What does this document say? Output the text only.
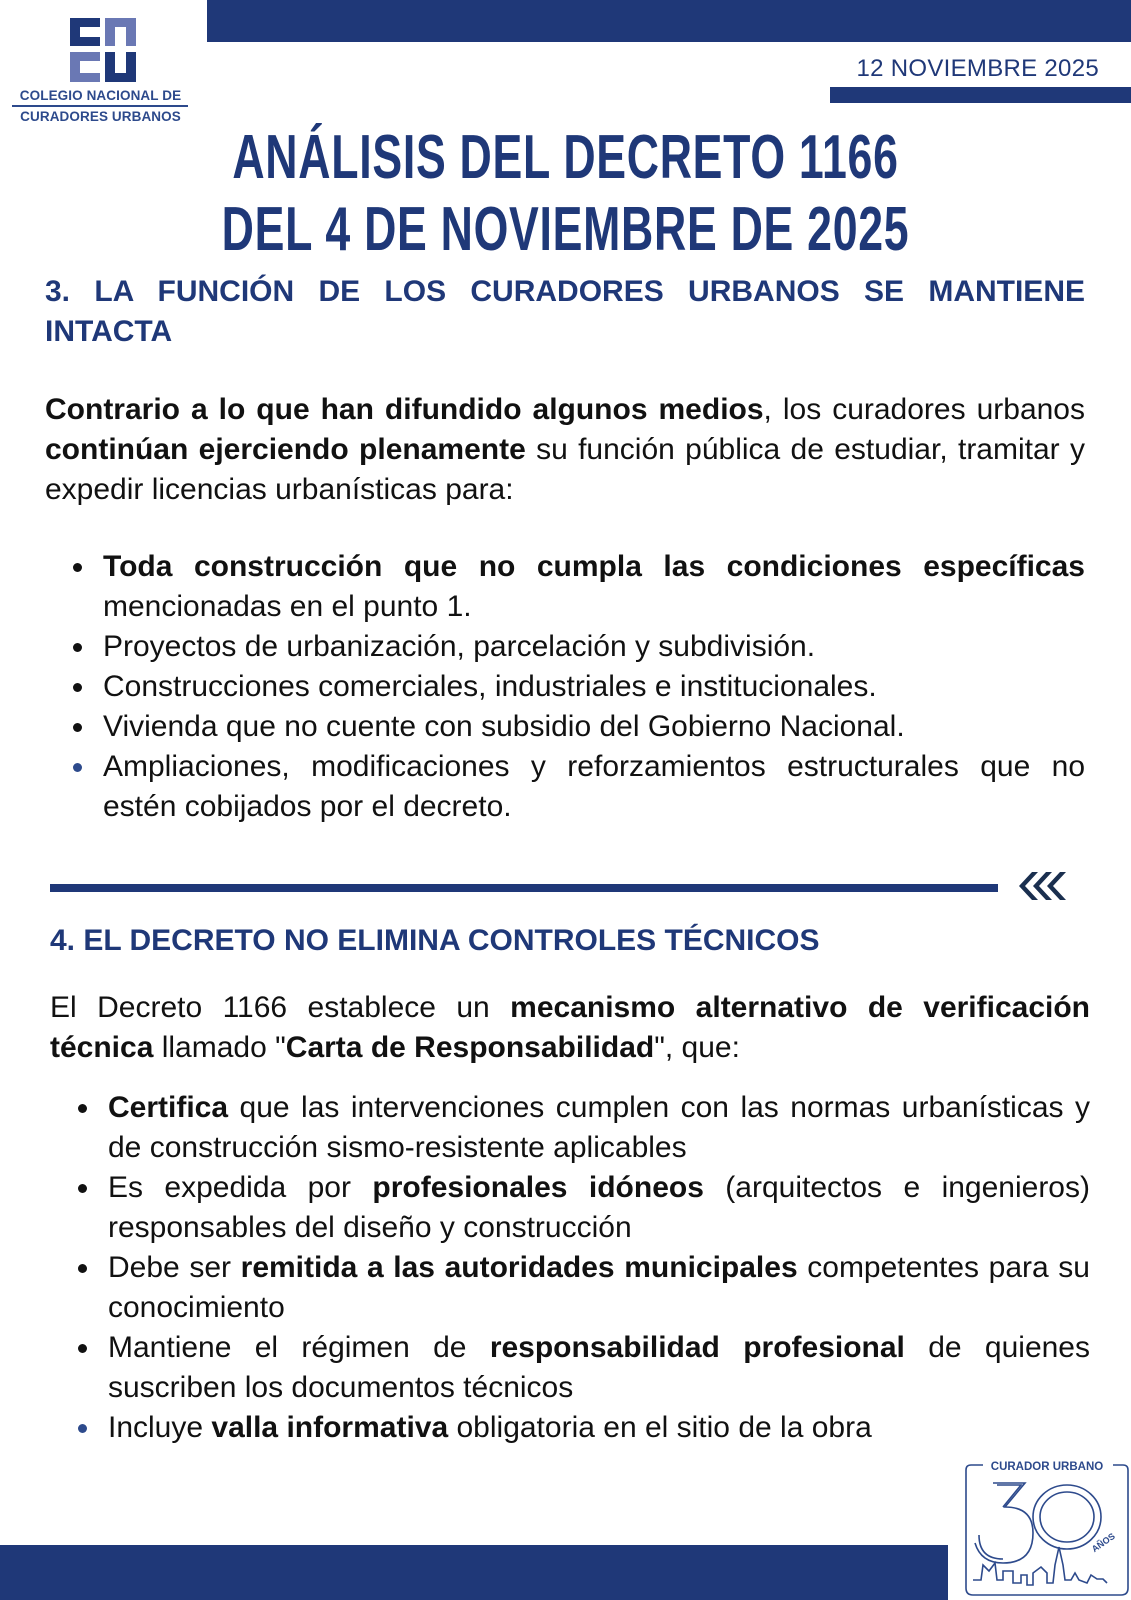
12 NOVIEMBRE 2025
COLEGIO NACIONAL DE
CURADORES URBANOS
ANÁLISIS DEL DECRETO 1166
DEL 4 DE NOVIEMBRE DE 2025
3. LA FUNCIÓN DE LOS CURADORES URBANOS SE MANTIENE INTACTA
Contrario a lo que han difundido algunos medios, los curadores urbanos continúan ejerciendo plenamente su función pública de estudiar, tramitar y expedir licencias urbanísticas para:
Toda construcción que no cumpla las condiciones específicas mencionadas en el punto 1.
Proyectos de urbanización, parcelación y subdivisión.
Construcciones comerciales, industriales e institucionales.
Vivienda que no cuente con subsidio del Gobierno Nacional.
Ampliaciones, modificaciones y reforzamientos estructurales que no estén cobijados por el decreto.
4. EL DECRETO NO ELIMINA CONTROLES TÉCNICOS
El Decreto 1166 establece un mecanismo alternativo de verificación técnica llamado "Carta de Responsabilidad", que:
Certifica que las intervenciones cumplen con las normas urbanísticas y de construcción sismo-resistente aplicables
Es expedida por profesionales idóneos (arquitectos e ingenieros) responsables del diseño y construcción
Debe ser remitida a las autoridades municipales competentes para su conocimiento
Mantiene el régimen de responsabilidad profesional de quienes suscriben los documentos técnicos
Incluye valla informativa obligatoria en el sitio de la obra
CURADOR URBANO
AÑOS
